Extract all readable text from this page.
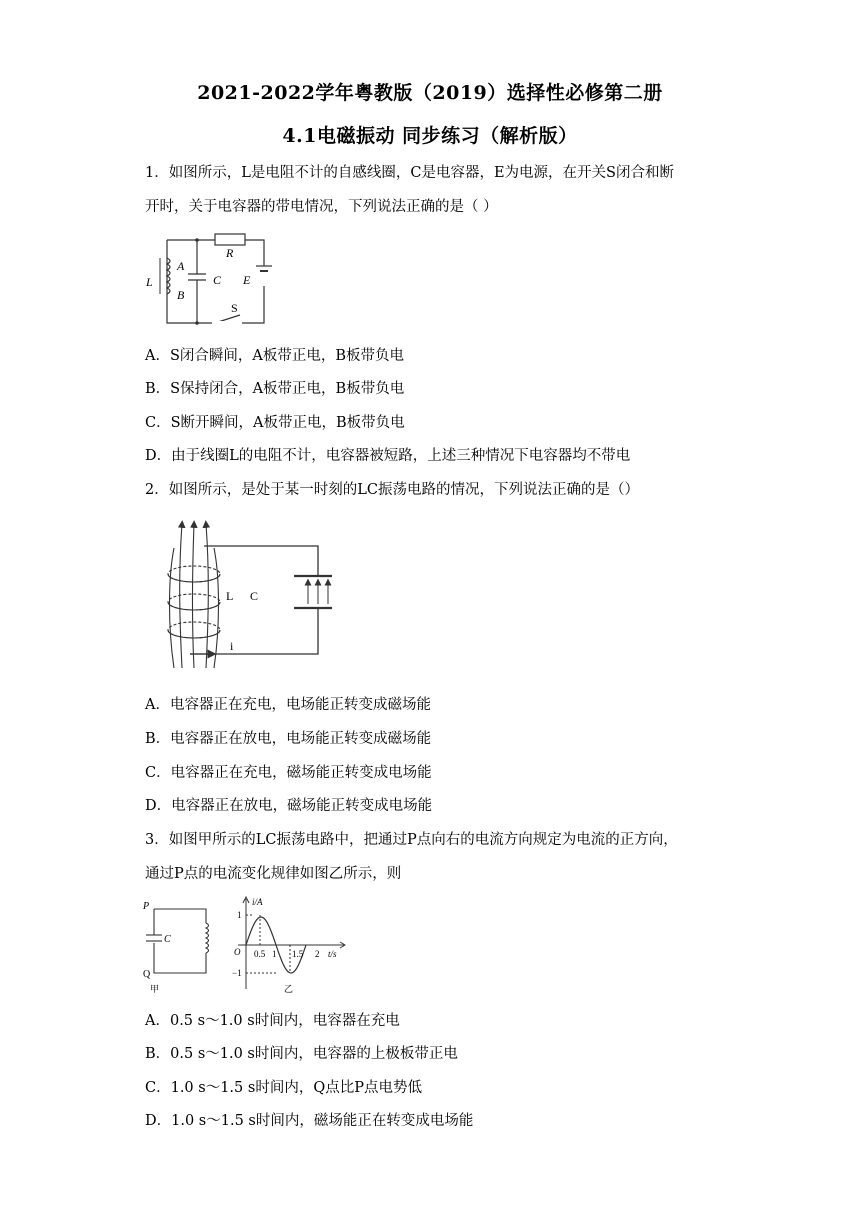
2021-2022学年粤教版（2019）选择性必修第二册
4.1电磁振动 同步练习（解析版）
1．如图所示，L是电阻不计的自感线圈，C是电容器，E为电源，在开关S闭合和断
开时，关于电容器的带电情况，下列说法正确的是（ ）
L
A
B
C
R
E
S
A．S闭合瞬间，A板带正电，B板带负电
B．S保持闭合，A板带正电，B板带负电
C．S断开瞬间，A板带正电，B板带负电
D．由于线圈L的电阻不计，电容器被短路，上述三种情况下电容器均不带电
2．如图所示，是处于某一时刻的LC振荡电路的情况，下列说法正确的是（）
L C
i
A．电容器正在充电，电场能正转变成磁场能
B．电容器正在放电，电场能正转变成磁场能
C．电容器正在充电，磁场能正转变成电场能
D．电容器正在放电，磁场能正转变成电场能
3．如图甲所示的LC振荡电路中，把通过P点向右的电流方向规定为电流的正方向，
通过P点的电流变化规律如图乙所示，则
P
Q
C
甲
i/A
t/s
O
1
−1
0.5 1 1.5 2
乙
A．0.5 s～1.0 s时间内，电容器在充电
B．0.5 s～1.0 s时间内，电容器的上极板带正电
C．1.0 s～1.5 s时间内，Q点比P点电势低
D．1.0 s～1.5 s时间内，磁场能正在转变成电场能
